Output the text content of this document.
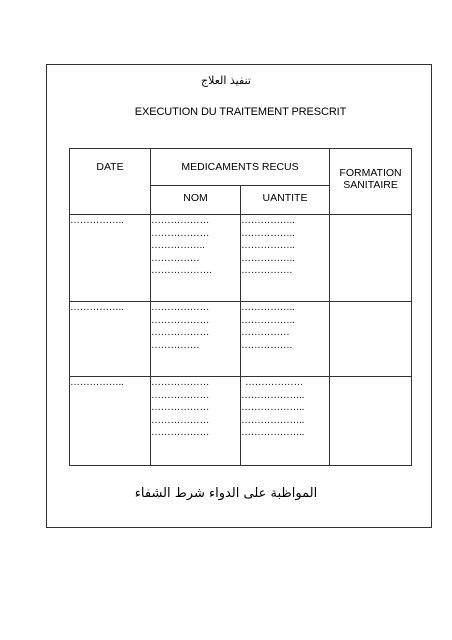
تنفيذ العلاج
EXECUTION DU TRAITEMENT PRESCRIT
DATE	MEDICAMENTS RECUS		FORMATION SANITAIRE
	NOM	UANTITE	

……………..	………………
………………
……………..
……………
……………….	……………..
……………..
……………..
……………..
…………….	

……………..	………………
………………
………………
……………	……………..
……………..
……………
…………….	

……………..	………………
………………
………………
………………
………………	………………
………………..
………………..
………………..
………………..	

المواظبة على الدواء شرط الشفاء
